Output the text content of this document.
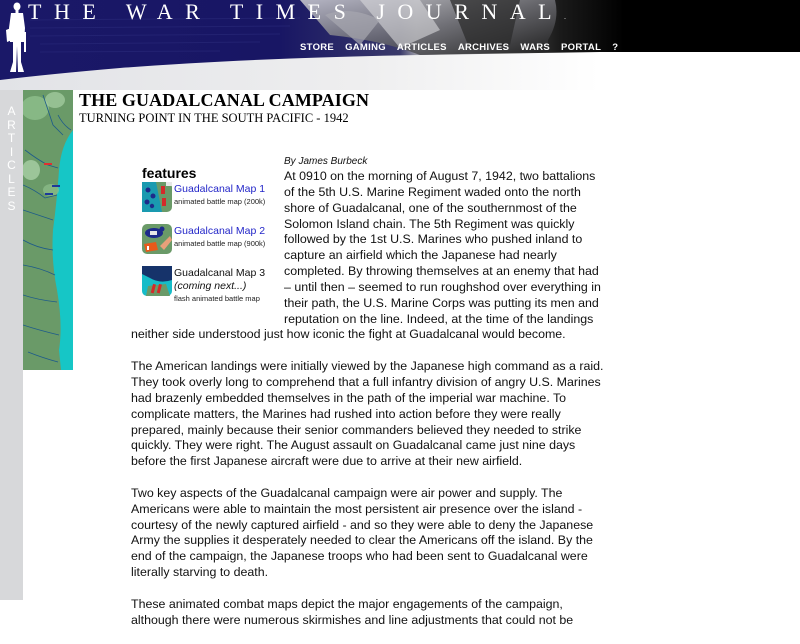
THE WAR TIMES JOURNAL.
STORE GAMING ARTICLES ARCHIVES WARS PORTAL ?
A
R
T
I
C
L
E
S
THE GUADALCANAL CAMPAIGN
TURNING POINT IN THE SOUTH PACIFIC - 1942
features
Guadalcanal Map 1
animated battle map (200k)
Guadalcanal Map 2
animated battle map (900k)
Guadalcanal Map 3
(coming next...)
flash animated battle map
By James Burbeck

At 0910 on the morning of August 7, 1942, two battalions of the 5th U.S. Marine Regiment waded onto the north shore of Guadalcanal, one of the southernmost of the Solomon Island chain. The 5th Regiment was quickly followed by the 1st U.S. Marines who pushed inland to capture an airfield which the Japanese had nearly completed. By throwing themselves at an enemy that had – until then – seemed to run roughshod over everything in their path, the U.S. Marine Corps was putting its men and reputation on the line. Indeed, at the time of the landings neither side understood just how iconic the fight at Guadalcanal would become.

The American landings were initially viewed by the Japanese high command as a raid. They took overly long to comprehend that a full infantry division of angry U.S. Marines had brazenly embedded themselves in the path of the imperial war machine. To complicate matters, the Marines had rushed into action before they were really prepared, mainly because their senior commanders believed they needed to strike quickly. They were right. The August assault on Guadalcanal came just nine days before the first Japanese aircraft were due to arrive at their new airfield.

Two key aspects of the Guadalcanal campaign were air power and supply. The Americans were able to maintain the most persistent air presence over the island - courtesy of the newly captured airfield - and so they were able to deny the Japanese Army the supplies it desperately needed to clear the Americans off the island. By the end of the campaign, the Japanese troops who had been sent to Guadalcanal were literally starving to death.

These animated combat maps depict the major engagements of the campaign, although there were numerous skirmishes and line adjustments that could not be
